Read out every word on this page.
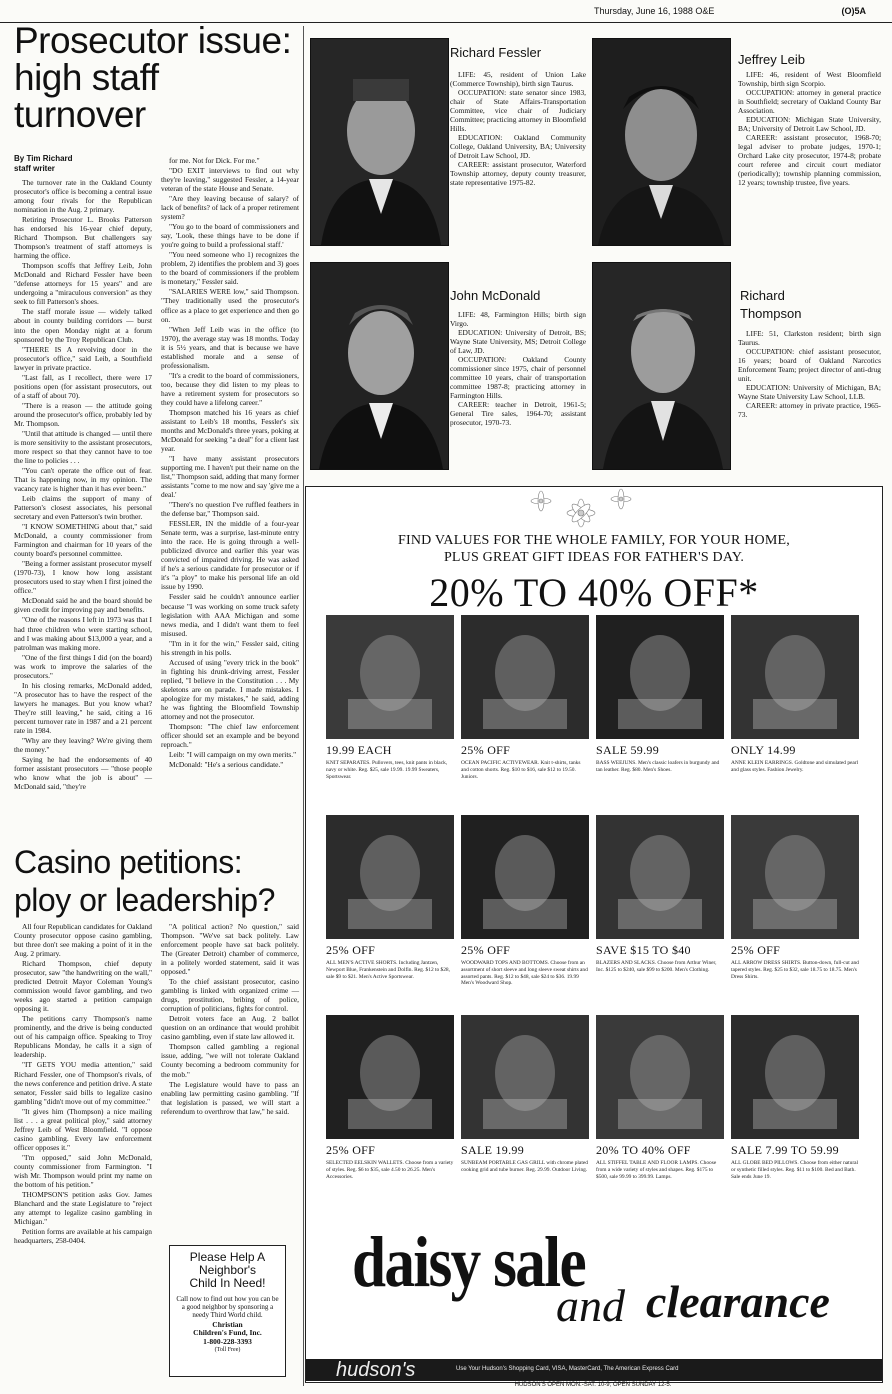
Thursday, June 16, 1988 O&E	(O)5A
Prosecutor issue: high staff turnover
By Tim Richard
staff writer

The turnover rate in the Oakland County prosecutor's office is becoming a central issue among four rivals for the Republican nomination in the Aug. 2 primary.

Retiring Prosecutor L. Brooks Patterson has endorsed his 16-year chief deputy, Richard Thompson. But challengers say Thompson's treatment of staff attorneys is harming the office.

Thompson scoffs that Jeffrey Leib, John McDonald and Richard Fessler have been "defense attorneys for 15 years" and are undergoing a "miraculous conversion" as they seek to fill Patterson's shoes.

The staff morale issue — widely talked about in county building corridors — burst into the open Monday night at a forum sponsored by the Troy Republican Club.

"THERE IS A revolving door in the prosecutor's office," said Leib, a Southfield lawyer in private practice.

"Last fall, as I recollect, there were 17 positions open (for assistant prosecutors, out of a staff of about 70).

"There is a reason — the attitude going around the prosecutor's office, probably led by Mr. Thompson.

"Until that attitude is changed — until there is more sensitivity to the assistant prosecutors, more respect so that they cannot have to toe the line to policies . . .

"You can't operate the office out of fear. That is happening now, in my opinion. The vacancy rate is higher than it has ever been."

Leib claims the support of many of Patterson's closest associates, his personal secretary and even Patterson's twin brother.

"I KNOW SOMETHING about that," said McDonald, a county commissioner from Farmington and chairman for 10 years of the county board's personnel committee.

"Being a former assistant prosecutor myself (1970-73), I know how long assistant prosecutors used to stay when I first joined the office."

McDonald said he and the board should be given credit for improving pay and benefits.

"One of the reasons I left in 1973 was that I had three children who were starting school, and I was making about $13,000 a year, and a patrolman was making more.

"One of the first things I did (on the board) was work to improve the salaries of the prosecutors."

In his closing remarks, McDonald added, "A prosecutor has to have the respect of the lawyers he manages. But you know what? They're still leaving," he said, citing a 16 percent turnover rate in 1987 and a 21 percent rate in 1984.

"Why are they leaving? We're giving them the money."

Saying he had the endorsements of 40 former assistant prosecutors — "those people who know what the job is about" — McDonald said, "they're

for me. Not for Dick. For me."

"DO EXIT interviews to find out why they're leaving," suggested Fessler, a 14-year veteran of the state House and Senate.

"Are they leaving because of salary? of lack of benefits? of lack of a proper retirement system?

"You go to the board of commissioners and say, 'Look, these things have to be done if you're going to build a professional staff.'

"You need someone who 1) recognizes the problem, 2) identifies the problem and 3) goes to the board of commissioners if the problem is monetary," Fessler said.

"SALARIES WERE low," said Thompson. "They traditionally used the prosecutor's office as a place to get experience and then go on.

"When Jeff Leib was in the office (to 1970), the average stay was 18 months. Today it is 5½ years, and that is because we have established morale and a sense of professionalism.

"It's a credit to the board of commissioners, too, because they did listen to my pleas to have a retirement system for prosecutors so they could have a lifelong career."

Thompson matched his 16 years as chief assistant to Leib's 18 months, Fessler's six months and McDonald's three years, poking at McDonald for seeking "a deal" for a client last year.

"I have many assistant prosecutors supporting me. I haven't put their name on the list," Thompson said, adding that many former assistants "come to me now and say 'give me a deal.'

"There's no question I've ruffled feathers in the defense bar," Thompson said.

FESSLER, IN the middle of a four-year Senate term, was a surprise, last-minute entry into the race. He is going through a well-publicized divorce and earlier this year was convicted of impaired driving. He was asked if he's a serious candidate for prosecutor or if it's "a ploy" to make his personal life an old issue by 1990.

Fessler said he couldn't announce earlier because "I was working on some truck safety legislation with AAA Michigan and some news media, and I didn't want them to feel misused.

"I'm in it for the win," Fessler said, citing his strength in his polls.

Accused of using "every trick in the book" in fighting his drunk-driving arrest, Fessler replied, "I believe in the Constitution . . . My skeletons are on parade. I made mistakes. I apologize for my mistakes," he said, adding he was fighting the Bloomfield Township attorney and not the prosecutor.

Thompson: "The chief law enforcement officer should set an example and be beyond reproach."

Leib: "I will campaign on my own merits."

McDonald: "He's a serious candidate."

Casino petitions: ploy or leadership?

All four Republican candidates for Oakland County prosecutor oppose casino gambling, but three don't see making a point of it in the Aug. 2 primary.

Richard Thompson, chief deputy prosecutor, saw "the handwriting on the wall," predicted Detroit Mayor Coleman Young's commission would favor gambling, and two weeks ago started a petition campaign opposing it.

The petitions carry Thompson's name prominently, and the drive is being conducted out of his campaign office. Speaking to Troy Republicans Monday, he calls it a sign of leadership.

"IT GETS YOU media attention," said Richard Fessler, one of Thompson's rivals, of the news conference and petition drive. A state senator, Fessler said bills to legalize casino gambling "didn't move out of my committee."

"It gives him (Thompson) a nice mailing list . . . a great political ploy," said attorney Jeffrey Leib of West Bloomfield. "I oppose casino gambling. Every law enforcement officer opposes it."

"I'm opposed," said John McDonald, county commissioner from Farmington. "I wish Mr. Thompson would print my name on the bottom of his petition."

THOMPSON'S petition asks Gov. James Blanchard and the state Legislature to "reject any attempt to legalize casino gambling in Michigan."

Petition forms are available at his campaign headquarters, 258-0404.

"A political action? No question," said Thompson. "We've sat back politely. Law enforcement people have sat back politely. The (Greater Detroit) chamber of commerce, in a politely worded statement, said it was opposed."

To the chief assistant prosecutor, casino gambling is linked with organized crime — drugs, prostitution, bribing of police, corruption of politicians, fights for control.

Detroit voters face an Aug. 2 ballot question on an ordinance that would prohibit casino gambling, even if state law allowed it.

Thompson called gambling a regional issue, adding, "we will not tolerate Oakland County becoming a bedroom community for the mob."

The Legislature would have to pass an enabling law permitting casino gambling. "If that legislation is passed, we will start a referendum to overthrow that law," he said.

Please Help A
Neighbor's
Child In Need!
Call now to find out how you can be a good neighbor by sponsoring a needy Third World child.
Christian
Children's Fund, Inc.
1-800-228-3393
(Toll Free)
Richard Fessler

LIFE: 45, resident of Union Lake (Commerce Township), birth sign Taurus.

OCCUPATION: state senator since 1983, chair of State Affairs-Transportation Committee, vice chair of Judiciary Committee; practicing attorney in Bloomfield Hills.

EDUCATION: Oakland Community College, Oakland University, BA; University of Detroit Law School, JD.

CAREER: assistant prosecutor, Waterford Township attorney, deputy county treasurer, state representative 1975-82.

Jeffrey Leib

LIFE: 46, resident of West Bloomfield Township, birth sign Scorpio.

OCCUPATION: attorney in general practice in Southfield; secretary of Oakland County Bar Association.

EDUCATION: Michigan State University, BA; University of Detroit Law School, JD.

CAREER: assistant prosecutor, 1968-70; legal adviser to probate judges, 1970-1; Orchard Lake city prosecutor, 1974-8; probate court referee and circuit court mediator (periodically); township planning commission, 12 years; township trustee, five years.

John McDonald

LIFE: 48, Farmington Hills; birth sign Virgo.

EDUCATION: University of Detroit, BS; Wayne State University, MS; Detroit College of Law, JD.

OCCUPATION: Oakland County commissioner since 1975, chair of personnel committee 10 years, chair of transportation committee 1987-8; practicing attorney in Farmington Hills.

CAREER: teacher in Detroit, 1961-5; General Tire sales, 1964-70; assistant prosecutor, 1970-73.

Richard Thompson

LIFE: 51, Clarkston resident; birth sign Taurus.

OCCUPATION: chief assistant prosecutor, 16 years; board of Oakland Narcotics Enforcement Team; project director of anti-drug unit.

EDUCATION: University of Michigan, BA; Wayne State University Law School, LLB.

CAREER: attorney in private practice, 1965-73.

FIND VALUES FOR THE WHOLE FAMILY, FOR YOUR HOME,
PLUS GREAT GIFT IDEAS FOR FATHER'S DAY.
20% TO 40% OFF*
19.99 EACH
KNIT SEPARATES. Pullovers, tees, knit pants in black, navy or white. Reg. $25, sale 19.99. 19.99 Sweaters, Sportswear.
25% OFF
OCEAN PACIFIC ACTIVEWEAR. Knit t-shirts, tanks and cotton shorts. Reg. $10 to $16, sale $12 to 19.50. Juniors.
SALE 59.99
BASS WEEJUNS. Men's classic loafers in burgundy and tan leather. Reg. $80. Men's Shoes.
ONLY 14.99
ANNE KLEIN EARRINGS. Goldtone and simulated pearl and glass styles. Fashion Jewelry.
25% OFF
ALL MEN'S ACTIVE SHORTS. Including Jantzen, Newport Blue, Frankenstein and Dolfin. Reg. $12 to $28, sale $9 to $21. Men's Active Sportswear.
25% OFF
WOODWARD TOPS AND BOTTOMS. Choose from an assortment of short sleeve and long sleeve sweat shirts and assorted pants. Reg. $12 to $48, sale $24 to $36. 19.99 Men's Woodward Shop.
SAVE $15 TO $40
BLAZERS AND SLACKS. Choose from Arthur Winer, Inc. $125 to $240, sale $99 to $200. Men's Clothing.
25% OFF
ALL ARROW DRESS SHIRTS. Button-down, full-cut and tapered styles. Reg. $25 to $32, sale 18.75 to 18.75. Men's Dress Shirts.
25% OFF
SELECTED EELSKIN WALLETS. Choose from a variety of styles. Reg. $6 to $35, sale 4.50 to 26.25. Men's Accessories.
SALE 19.99
SUNBEAM PORTABLE GAS GRILL with chrome plated cooking grid and tube burner. Reg. 29.99. Outdoor Living.
20% TO 40% OFF
ALL STIFFEL TABLE AND FLOOR LAMPS. Choose from a wide variety of styles and shapes. Reg. $175 to $500, sale 99.99 to 399.99. Lamps.
SALE 7.99 TO 59.99
ALL GLOBE BED PILLOWS. Choose from either natural or synthetic filled styles. Reg. $11 to $100. Bed and Bath. Sale ends June 19.
daisy sale
and clearance
hudson's	Use Your Hudson's Shopping Card, VISA, MasterCard, The American Express Card
HUDSON'S OPEN MON.-SAT. 10-9; OPEN SUNDAY 12-5.
